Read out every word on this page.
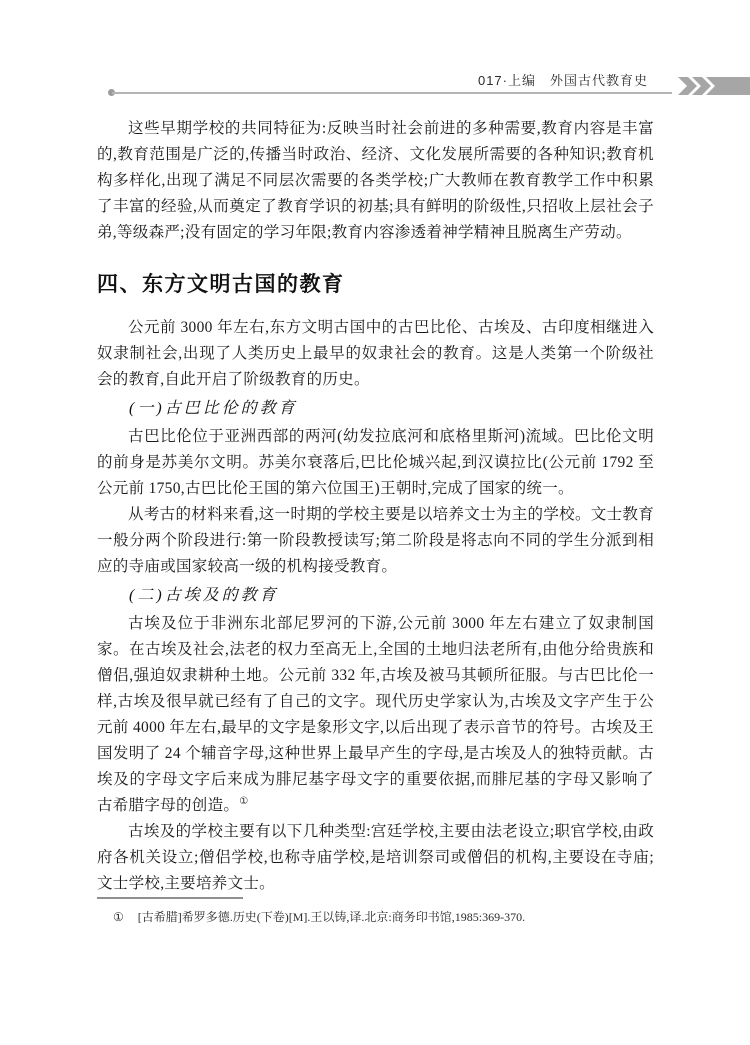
017·上编　外国古代教育史

这些早期学校的共同特征为:反映当时社会前进的多种需要,教育内容是丰富的,教育范围是广泛的,传播当时政治、经济、文化发展所需要的各种知识;教育机构多样化,出现了满足不同层次需要的各类学校;广大教师在教育教学工作中积累了丰富的经验,从而奠定了教育学识的初基;具有鲜明的阶级性,只招收上层社会子弟,等级森严;没有固定的学习年限;教育内容渗透着神学精神且脱离生产劳动。

四、东方文明古国的教育

公元前 3000 年左右,东方文明古国中的古巴比伦、古埃及、古印度相继进入奴隶制社会,出现了人类历史上最早的奴隶社会的教育。这是人类第一个阶级社会的教育,自此开启了阶级教育的历史。

(一)古巴比伦的教育

古巴比伦位于亚洲西部的两河(幼发拉底河和底格里斯河)流域。巴比伦文明的前身是苏美尔文明。苏美尔衰落后,巴比伦城兴起,到汉谟拉比(公元前 1792 至公元前 1750,古巴比伦王国的第六位国王)王朝时,完成了国家的统一。

从考古的材料来看,这一时期的学校主要是以培养文士为主的学校。文士教育一般分两个阶段进行:第一阶段教授读写;第二阶段是将志向不同的学生分派到相应的寺庙或国家较高一级的机构接受教育。

(二)古埃及的教育

古埃及位于非洲东北部尼罗河的下游,公元前 3000 年左右建立了奴隶制国家。在古埃及社会,法老的权力至高无上,全国的土地归法老所有,由他分给贵族和僧侣,强迫奴隶耕种土地。公元前 332 年,古埃及被马其顿所征服。与古巴比伦一样,古埃及很早就已经有了自己的文字。现代历史学家认为,古埃及文字产生于公元前 4000 年左右,最早的文字是象形文字,以后出现了表示音节的符号。古埃及王国发明了 24 个辅音字母,这种世界上最早产生的字母,是古埃及人的独特贡献。古埃及的字母文字后来成为腓尼基字母文字的重要依据,而腓尼基的字母又影响了古希腊字母的创造。①

古埃及的学校主要有以下几种类型:宫廷学校,主要由法老设立;职官学校,由政府各机关设立;僧侣学校,也称寺庙学校,是培训祭司或僧侣的机构,主要设在寺庙;文士学校,主要培养文士。

① [古希腊]希罗多德.历史(下卷)[M].王以铸,译.北京:商务印书馆,1985:369-370.
